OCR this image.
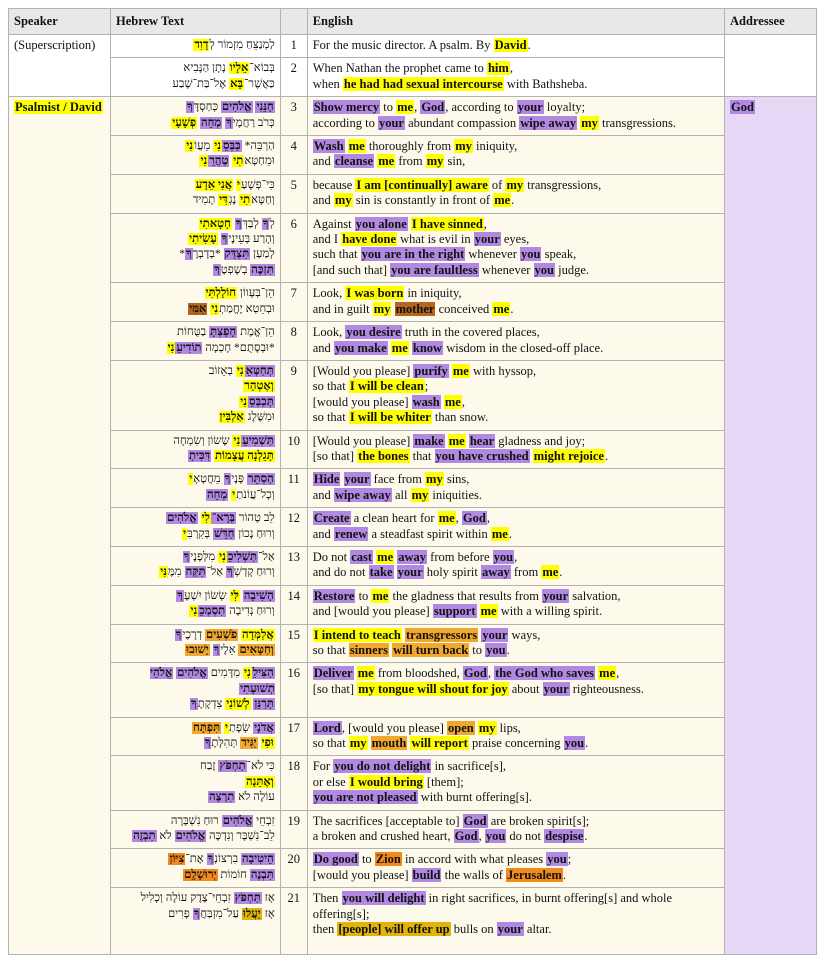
Speaker	Hebrew Text		English	Addressee
(Superscription)	לַמְנַצֵּחַ מִזְמוֹר לְדָוִד	1	For the music director. A psalm. By David.	

בְּבוֹא־אֵלָיו נָתָן הַנָּבִיא
כַּאֲשֶׁר־בָּא אֶל־בַּת־שָׁבַע
	2	When Nathan the prophet came to him,
when he had had sexual intercourse with Bathsheba.

Psalmist / David	חָנֵּנִי אֱלֹהִים כְּחַסְדֶּךָ
כְּרֹב רַחֲמֶיךָ מְחֵה פְשָׁעָי
	3	Show mercy to me, God, according to your loyalty;
according to your abundant compassion wipe away my transgressions.
	God

הַרְבֵּה* כַּבְּסֵנִי מֵעֲוֹנִי
וּמֵחַטָּאתִי טַהֲרֵנִי
	4	Wash me thoroughly from my iniquity,
and cleanse me from my sin,

כִּי־פְשָׁעַי אֲנִי אֵדָע
וְחַטָּאתִי נֶגְדִּי תָמִיד
	5	because I am [continually] aware of my transgressions,
and my sin is constantly in front of me.

לְךָ לְבַדְּךָ חָטָאתִי
וְהָרַע בְּעֵינֶיךָ עָשִׂיתִי
לְמַעַן תִּצְדַּק *בְדָבְרֶךָ*
תִּזְכֶּה בְשָׁפְטֶךָ
	6	Against you alone I have sinned,
and I have done what is evil in your eyes,
such that you are in the right whenever you speak,
[and such that] you are faultless whenever you judge.

הֵן־בְּעָווֹן חוֹלָלְתִּי
וּבְחֵטְא יֶחֱמַתְנִי אִמִּי
	7	Look, I was born in iniquity,
and in guilt my mother conceived me.

הֵן־אֱמֶת חָפַצְתָּ בַטֻּחוֹת
*וּבְסָתֻם* חָכְמָה תוֹדִיעֵנִי
	8	Look, you desire truth in the covered places,
and you make me know wisdom in the closed-off place.

תְּחַטְּאֵנִי בְאֵזוֹב
וְאֶטְהָר
תְּכַבְּסֵנִי
וּמִשֶּׁלֶג אַלְבִּין
	9	[Would you please] purify me with hyssop,
so that I will be clean;
[would you please] wash me,
so that I will be whiter than snow.

תַּשְׁמִיעֵנִי שָׂשׂוֹן וְשִׂמְחָה
תָּגֵלְנָה עֲצָמוֹת דִּכִּיתָ
	10	[Would you please] make me hear gladness and joy;
[so that] the bones that you have crushed might rejoice.

הַסְתֵּר פָּנֶיךָ מֵחֲטָאָי
וְכָל־עֲוֹנֹתַי מְחֵה
	11	Hide your face from my sins,
and wipe away all my iniquities.

לֵב טָהוֹר בְּרָא־לִי אֱלֹהִים
וְרוּחַ נָכוֹן חַדֵּשׁ בְּקִרְבִּי
	12	Create a clean heart for me, God,
and renew a steadfast spirit within me.

אַל־תַּשְׁלִיכֵנִי מִלְּפָנֶיךָ
וְרוּחַ קָדְשְׁךָ אַל־תִּקַּח מִמֶּנִּי
	13	Do not cast me away from before you,
and do not take your holy spirit away from me.

הָשִׁיבָה לִּי שְׂשׂוֹן יִשְׁעֶךָ
וְרוּחַ נְדִיבָה תִסְמְכֵנִי
	14	Restore to me the gladness that results from your salvation,
and [would you please] support me with a willing spirit.

אֲלַמְּדָה פֹשְׁעִים דְרָכֶיךָ
וְחַטָּאִים אֵלֶיךָ יָשׁוּבוּ
	15	I intend to teach transgressors your ways,
so that sinners will turn back to you.

הַצִּילֵנִי מִדָּמִים אֱלֹהִים אֱלֹהֵי תְשׁוּעָתִי
תְּרַנֵּן לְשׁוֹנִי צִדְקָתֶךָ
	16	Deliver me from bloodshed, God, the God who saves me,
[so that] my tongue will shout for joy about your righteousness.

אֲדֹנָי שְׂפָתַי תִּפְתָּח
וּפִי יַגִּיד תְּהִלָּתֶךָ
	17	Lord, [would you please] open my lips,
so that my mouth will report praise concerning you.

כִּי לֹא־תַחְפֹּץ זֶבַח
וְאֶתֵּנָה
עוֹלָה לֹא תִרְצֶה
	18	For you do not delight in sacrifice[s],
or else I would bring [them];
you are not pleased with burnt offering[s].

זִבְחֵי אֱלֹהִים רוּחַ נִשְׁבָּרָה
לֵב־נִשְׁבָּר וְנִדְכֶּה אֱלֹהִים לֹא תִבְזֶה
	19	The sacrifices [acceptable to] God are broken spirit[s];
a broken and crushed heart, God, you do not despise.

הֵיטִיבָה בִרְצוֹנְךָ אֶת־צִיּוֹן
תִּבְנֶה חוֹמוֹת יְרוּשָׁלִָם
	20	Do good to Zion in accord with what pleases you;
[would you please] build the walls of Jerusalem.

אָז תַּחְפֹּץ זִבְחֵי־צֶדֶק עוֹלָה וְכָלִיל
אָז יַעֲלוּ עַל־מִזְבַּחֲךָ פָרִים
	21	Then you will delight in right sacrifices, in burnt offering[s] and whole offering[s];
then [people] will offer up bulls on your altar.
